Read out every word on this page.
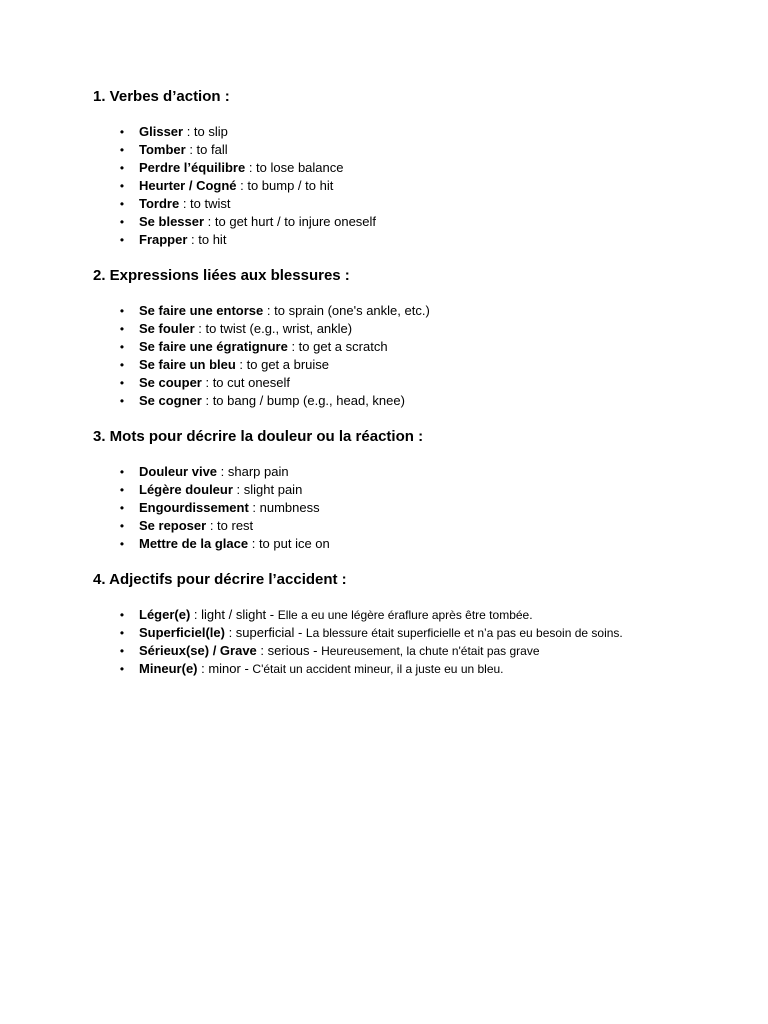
1. Verbes d’action :
• Glisser : to slip
• Tomber : to fall
• Perdre l’équilibre : to lose balance
• Heurter / Cogné : to bump / to hit
• Tordre : to twist
• Se blesser : to get hurt / to injure oneself
• Frapper : to hit
2. Expressions liées aux blessures :
• Se faire une entorse : to sprain (one's ankle, etc.)
• Se fouler : to twist (e.g., wrist, ankle)
• Se faire une égratignure : to get a scratch
• Se faire un bleu : to get a bruise
• Se couper : to cut oneself
• Se cogner : to bang / bump (e.g., head, knee)
3. Mots pour décrire la douleur ou la réaction :
• Douleur vive : sharp pain
• Légère douleur : slight pain
• Engourdissement : numbness
• Se reposer : to rest
• Mettre de la glace : to put ice on
4. Adjectifs pour décrire l’accident :
• Léger(e) : light / slight - Elle a eu une légère éraflure après être tombée.
• Superficiel(le) : superficial - La blessure était superficielle et n’a pas eu besoin de soins.
• Sérieux(se) / Grave : serious - Heureusement, la chute n'était pas grave
• Mineur(e) : minor - C'était un accident mineur, il a juste eu un bleu.
